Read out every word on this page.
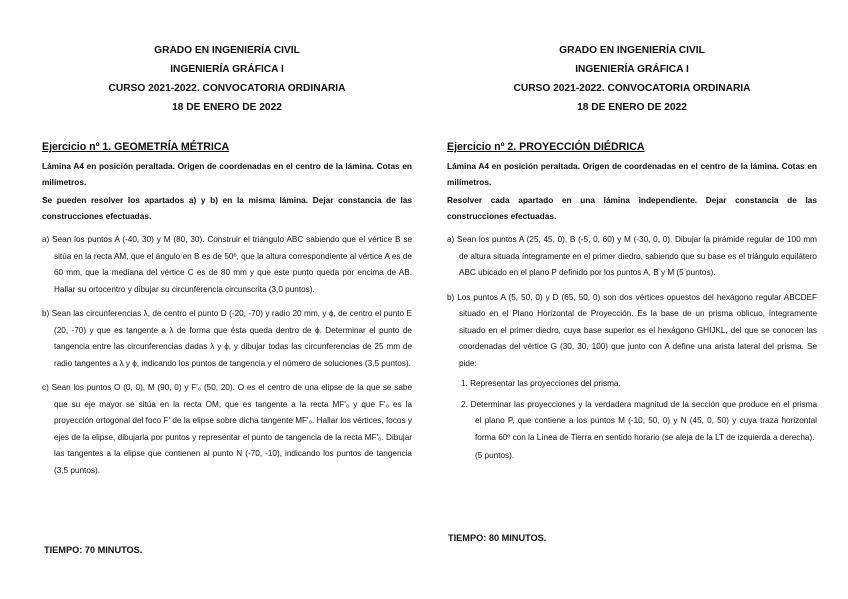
GRADO EN INGENIERÍA CIVIL

INGENIERÍA GRÁFICA I

CURSO 2021-2022. CONVOCATORIA ORDINARIA

18 DE ENERO DE 2022

Ejercicio nº 1. GEOMETRÍA MÉTRICA

Lámina A4 en posición peraltada. Origen de coordenadas en el centro de la lámina. Cotas en milímetros.

Se pueden resolver los apartados a) y b) en la misma lámina. Dejar constancia de las construcciones efectuadas.

a) Sean los puntos A (-40, 30) y M (80, 30). Construir el triángulo ABC sabiendo que el vértice B se sitúa en la recta AM, que el ángulo en B es de 50º, que la altura correspondiente al vértice A es de 60 mm, que la mediana del vértice C es de 80 mm y que este punto queda por encima de AB. Hallar su ortocentro y dibujar su circunferencia circunscrita (3,0 puntos).

b) Sean las circunferencias λ, de centro el punto D (-20, -70) y radio 20 mm, y ϕ, de centro el punto E (20, -70) y que es tangente a λ de forma que ésta queda dentro de ϕ. Determinar el punto de tangencia entre las circunferencias dadas λ y ϕ, y dibujar todas las circunferencias de 25 mm de radio tangentes a λ y ϕ, indicando los puntos de tangencia y el número de soluciones (3,5 puntos).

c) Sean los puntos O (0, 0), M (90, 0) y F'₀ (50, 20). O es el centro de una elipse de la que se sabe que su eje mayor se sitúa en la recta OM, que es tangente a la recta MF'₀ y que F'₀ es la proyección ortogonal del foco F' de la elipse sobre dicha tangente MF'₀. Hallar los vértices, focos y ejes de la elipse, dibujarla por puntos y representar el punto de tangencia de la recta MF'₀. Dibujar las tangentes a la elipse que contienen al punto N (-70, -10), indicando los puntos de tangencia (3,5 puntos).

TIEMPO: 70 MINUTOS.

GRADO EN INGENIERÍA CIVIL

INGENIERÍA GRÁFICA I

CURSO 2021-2022. CONVOCATORIA ORDINARIA

18 DE ENERO DE 2022

Ejercicio nº 2. PROYECCIÓN DIÉDRICA

Lámina A4 en posición peraltada. Origen de coordenadas en el centro de la lámina. Cotas en milímetros.

Resolver cada apartado en una lámina independiente. Dejar constancia de las construcciones efectuadas.

a) Sean los puntos A (25, 45, 0), B (-5, 0, 60) y M (-30, 0, 0). Dibujar la pirámide regular de 100 mm de altura situada íntegramente en el primer diedro, sabiendo que su base es el triángulo equilátero ABC ubicado en el plano P definido por los puntos A, B y M (5 puntos).

b) Los puntos A (5, 50, 0) y D (65, 50, 0) son dos vértices opuestos del hexágono regular ABCDEF situado en el Plano Horizontal de Proyección. Es la base de un prisma oblicuo, íntegramente situado en el primer diedro, cuya base superior es el hexágono GHIJKL, del que se conocen las coordenadas del vértice G (30, 30, 100) que junto con A define una arista lateral del prisma. Se pide:

1. Representar las proyecciones del prisma.

2. Determinar las proyecciones y la verdadera magnitud de la sección que produce en el prisma el plano P, que contiene a los puntos M (-10, 50, 0) y N (45, 0, 50) y cuya traza horizontal forma 60º con la Línea de Tierra en sentido horario (se aleja de la LT de izquierda a derecha).

(5 puntos).

TIEMPO: 80 MINUTOS.
